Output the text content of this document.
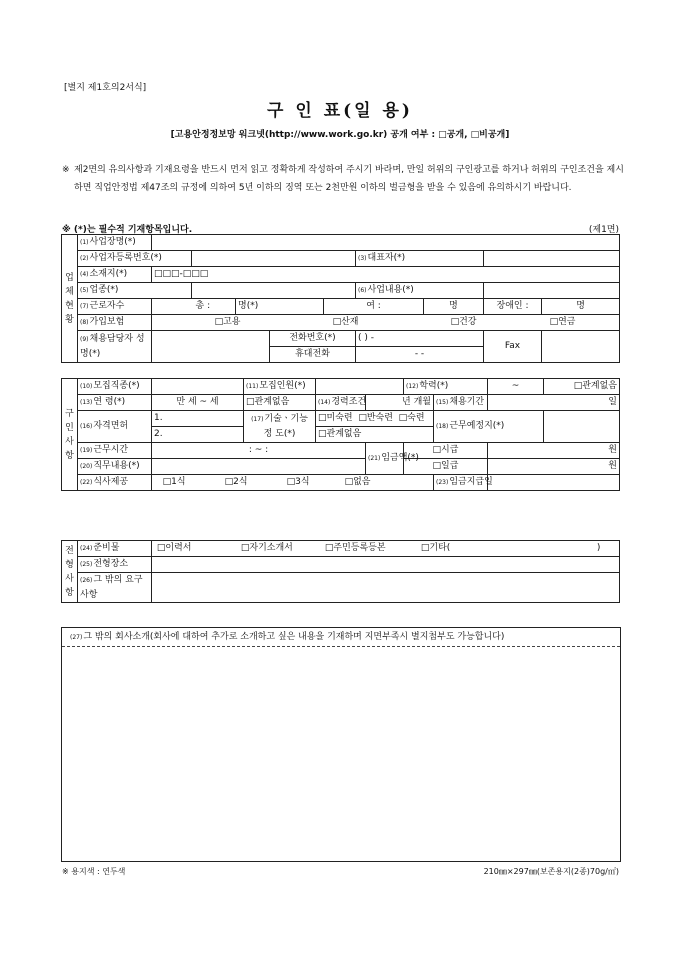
[별지 제1호의2서식]
구 인 표(일 용)
[고용안정정보망 워크넷(http://www.work.go.kr) 공개 여부 : □공개, □비공개]
※ 제2면의 유의사항과 기재요령을 반드시 먼저 읽고 정확하게 작성하여 주시기 바라며, 만일 허위의 구인광고를 하거나 허위의 구인조건을 제시하면 직업안정법 제47조의 규정에 의하여 5년 이하의 징역 또는 2천만원 이하의 벌금형을 받을 수 있음에 유의하시기 바랍니다.
※ (*)는 필수적 기재항목입니다.	(제1면)
업 체 현 황	(1)사업장명(*)									
	(2)사업자등록번호(*)						(3)대표자(*)			
	(4)소재지(*)	□□□-□□□								
	(5)업종(*)						(6)사업내용(*)			
	(7)근로자수	총 :		명(*)		여 :		명	장애인 :	명
	(8)가입보험	□고용 □산재 □건강 □연금								
	(9)채용담당자 성명(*)				전화번호(*)		( ) -		Fax	
					휴대전화		- -			
구 인 사 항	(10)모집직종(*)		(11)모집인원(*)			(12)학력(*)		~	□관계없음
	(13)연 령(*)	만 세 ~ 세	□관계없음	(14)경력조건	년 개월		(15)채용기간	일	
	(16)자격면허	1.	(17)기술ㆍ기능 정 도(*)	□미숙련 □반숙련 □숙련			(18)근무예정지(*)		
		2.		□관계없음					
	(19)근무시간	: ~ :			(21)임금액(*)	□시급		원	
	(20)직무내용(*)					□일급		원	
	(22)식사제공	□1식 □2식 □3식 □없음					(23)임금지급일		
전 형 사 항	(24)준비물	□이력서 □자기소개서 □주민등록등본 □기타( )
	(25)전형장소	
	(26)그 밖의 요구사항	
(27)그 밖의 회사소개(회사에 대하여 추가로 소개하고 싶은 내용을 기재하며 지면부족시 별지첨부도 가능합니다)
※ 용지색 : 연두색	210㎜×297㎜(보존용지(2종)70g/㎡)
